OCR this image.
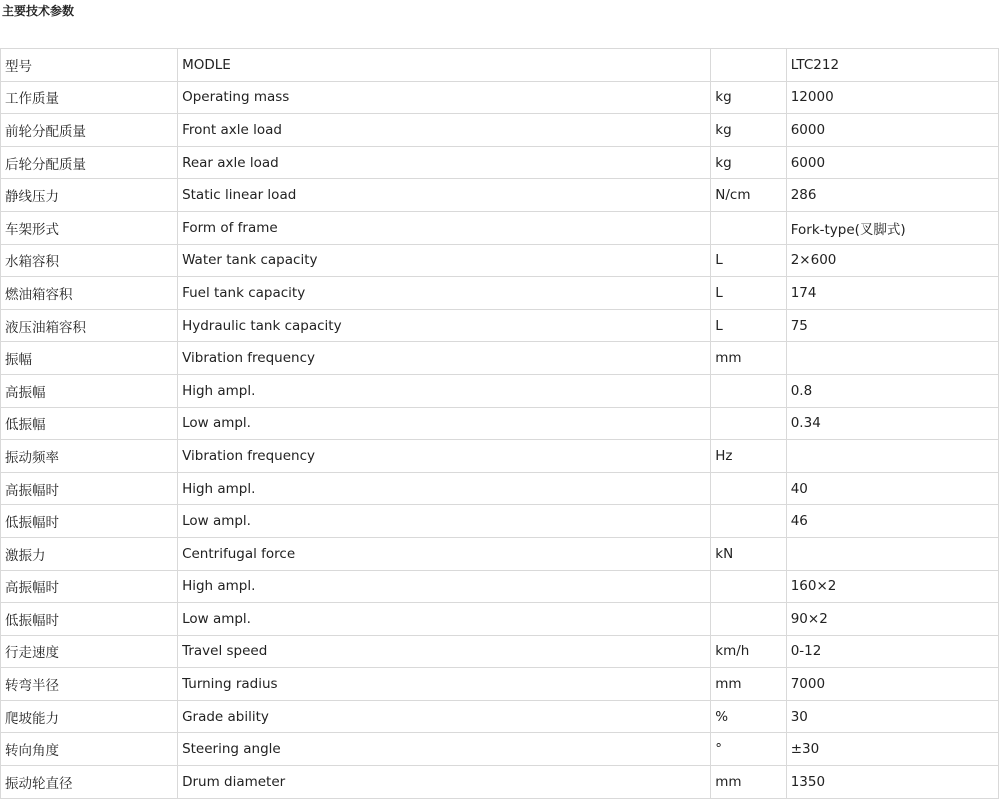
主要技术参数
型号	MODLE		LTC212
工作质量	Operating mass	kg	12000
前轮分配质量	Front axle load	kg	6000
后轮分配质量	Rear axle load	kg	6000
静线压力	Static linear load	N/cm	286
车架形式	Form of frame		Fork-type(叉脚式)
水箱容积	Water tank capacity	L	2×600
燃油箱容积	Fuel tank capacity	L	174
液压油箱容积	Hydraulic tank capacity	L	75
振幅	Vibration frequency	mm	
高振幅	High ampl.		0.8
低振幅	Low ampl.		0.34
振动频率	Vibration frequency	Hz	
高振幅时	High ampl.		40
低振幅时	Low ampl.		46
激振力	Centrifugal force	kN	
高振幅时	High ampl.		160×2
低振幅时	Low ampl.		90×2
行走速度	Travel speed	km/h	0-12
转弯半径	Turning radius	mm	7000
爬坡能力	Grade ability	%	30
转向角度	Steering angle	°	±30
振动轮直径	Drum diameter	mm	1350
